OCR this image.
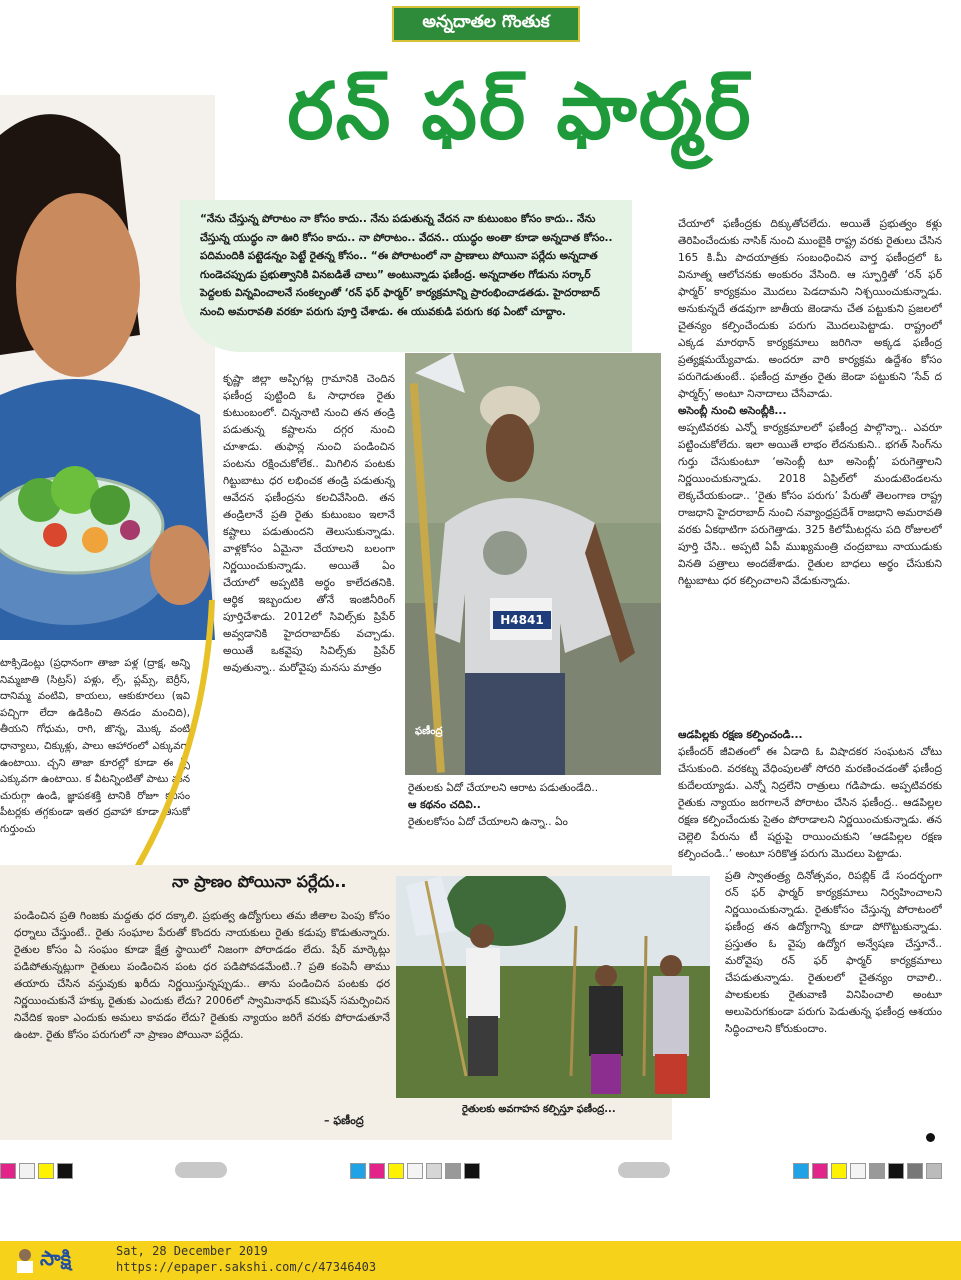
అన్నదాతల గొంతుక
రన్ ఫర్ ఫార్మర్
టాక్సిడెంట్లు (ప్రధానంగా తాజా పళ్ల (ద్రాక్ష, అన్ని నిమ్మజాతి (సిట్రస్) పళ్లు, ల్స్, ప్లమ్స్, బెర్రీస్, దానిమ్మ వంటివి, కాయలు, ఆకుకూరలు (ఇవి పచ్చిగా లేదా ఉడికించి తినడం మంచిది), తీయని గోధుమ, రాగి, జొన్న, మొక్క వంటి ధాన్యాలు, చిక్కుళ్లు, పాలు ఆహారంలో ఎక్కువగా ఉంటాయి. చ్చని తాజా కూరల్లో కూడా ఈ న్స్ ఎక్కువగా ఉంటాయి. క వీటన్నింటితో పాటు మన చురుగ్గా ఉండి, జ్ఞాపకశక్తి టానికి రోజూ కనీసం పీటర్లకు తగ్గకుండా ఇతర ద్రవాహా కూడా తీసుకో గుర్తుంచు
“నేను చేస్తున్న పోరాటం నా కోసం కాదు.. నేను పడుతున్న వేదన నా కుటుంబం కోసం కాదు.. నేను చేస్తున్న యుద్ధం నా ఊరి కోసం కాదు.. నా పోరాటం.. వేదన.. యుద్ధం అంతా కూడా అన్నదాత కోసం.. పదిమందికి పట్టెడన్నం పెట్టే రైతన్న కోసం.. “ఈ పోరాటంలో నా ప్రాణాలు పోయినా పర్లేదు అన్నదాత గుండెచప్పుడు ప్రభుత్వానికి వినబడితే చాలు” అంటున్నాడు ఫణీంద్ర. అన్నదాతల గోడును సర్కార్ పెద్దలకు విన్నవించాలనే సంకల్పంతో ‘రన్ ఫర్ ఫార్మర్’ కార్యక్రమాన్ని ప్రారంభించాడతడు. హైదరాబాద్ నుంచి అమరావతి వరకూ పరుగు పూర్తి చేశాడు. ఈ యువకుడి పరుగు కథ ఏంటో చూద్దాం.
H4841
ఫణీంద్ర

కృష్ణా జిల్లా అప్పిగట్ల గ్రామానికి చెందిన ఫణీంద్ర పుట్టింది ఓ సాధారణ రైతు కుటుంబంలో. చిన్ననాటి నుంచి తన తండ్రి పడుతున్న కష్టాలను దగ్గర నుంచి చూశాడు. తుఫాన్ల నుంచి పండించిన పంటను రక్షించుకోలేక.. మిగిలిన పంటకు గిట్టుబాటు ధర లభించక తండ్రి పడుతున్న ఆవేదన ఫణీంద్రను కలచివేసింది. తన తండ్రిలానే ప్రతి రైతు కుటుంబం ఇలానే కష్టాలు పడుతుందని తెలుసుకున్నాడు. వాళ్లకోసం ఏమైనా చేయాలని బలంగా నిర్ణయించుకున్నాడు. అయితే ఏం చేయాలో అప్పటికి అర్థం కాలేదతనికి. ఆర్థిక ఇబ్బందుల తోనే ఇంజినీరింగ్ పూర్తిచేశాడు. 2012లో సివిల్స్‌కు ప్రిపేర్ అవ్వడానికి హైదరాబాద్‌కు వచ్చాడు. అయితే ఒకవైపు సివిల్స్‌కు ప్రిపేర్ అవుతున్నా.. మరోవైపు మనసు మాత్రం

రైతులకు ఏదో చేయాలని ఆరాట పడుతుండేది..

ఆ కథనం చదివి..

రైతులకోసం ఏదో చేయాలని ఉన్నా.. ఏం

చేయాలో ఫణీంద్రకు దిక్కుతోచలేదు. అయితే ప్రభుత్వం కళ్లు తెరిపించేందుకు నాసిక్ నుంచి ముంబైకి రాష్ట్ర వరకు రైతులు చేసిన 165 కి.మీ పాదయాత్రకు సంబంధించిన వార్త ఫణీంద్రలో ఓ వినూత్న ఆలోచనకు అంకురం వేసింది. ఆ స్ఫూర్తితో ‘రన్ ఫర్ ఫార్మర్’ కార్యక్రమం మొదలు పెడదామని నిశ్చయించుకున్నాడు. అనుకున్నదే తడవుగా జాతీయ జెండాను చేత పట్టుకుని ప్రజలలో చైతన్యం కల్పించేందుకు పరుగు మొదలుపెట్టాడు. రాష్ట్రంలో ఎక్కడ మారథాన్ కార్యక్రమాలు జరిగినా అక్కడ ఫణీంద్ర ప్రత్యక్షమయ్యేవాడు. అందరూ వారి కార్యక్రమ ఉద్దేశం కోసం పరుగెడుతుంటే.. ఫణీంద్ర మాత్రం రైతు జెండా పట్టుకుని ‘సేవ్ ద ఫార్మర్స్’ అంటూ నినాదాలు చేసేవాడు.

అసెంబ్లీ నుంచి అసెంబ్లీకి...

అప్పటివరకు ఎన్నో కార్యక్రమాలలో ఫణీంద్ర పాల్గొన్నా.. ఎవరూ పట్టించుకోలేదు. ఇలా అయితే లాభం లేదనుకుని.. భగత్ సింగ్‌ను గుర్తు చేసుకుంటూ ‘అసెంబ్లీ టూ అసెంబ్లీ’ పరుగెత్తాలని నిర్ణయించుకున్నాడు. 2018 ఏప్రిల్‌లో మండుటెండలను లెక్కచేయకుండా.. ‘రైతు కోసం పరుగు’ పేరుతో తెలంగాణ రాష్ట్ర రాజధాని హైదరాబాద్ నుంచి నవ్యాంధ్రప్రదేశ్ రాజధాని అమరావతి వరకు ఏకథాటిగా పరుగెత్తాడు. 325 కిలోమీటర్లను పది రోజులలో పూర్తి చేసి.. అప్పటి ఏపీ ముఖ్యమంత్రి చంద్రబాబు నాయుడుకు వినతి పత్రాలు అందజేశాడు. రైతుల బాధలు అర్థం చేసుకుని గిట్టుబాటు ధర కల్పించాలని వేడుకున్నాడు.

ఆడపిల్లకు రక్షణ కల్పించండి...

ఫణీందర్ జీవితంలో ఈ ఏడాది ఓ విషాదకర సంఘటన చోటు చేసుకుంది. వరకట్న వేధింపులతో సోదరి మరణించడంతో ఫణీంద్ర కుదేలయ్యాడు. ఎన్నో నిద్రలేని రాత్రులు గడిపాడు. అప్పటివరకు రైతుకు న్యాయం జరగాలనే పోరాటం చేసిన ఫణీంద్ర.. ఆడపిల్లల రక్షణ కల్పించేందుకు సైతం పోరాడాలని నిర్ణయించుకున్నాడు. తన చెల్లెలి పేరును టీ షర్టుపై రాయించుకుని ‘ఆడపిల్లల రక్షణ కల్పించండి..’ అంటూ సరికొత్త పరుగు మొదలు పెట్టాడు.

ప్రతి స్వాతంత్ర్య దినోత్సవం, రిపబ్లిక్ డే సందర్భంగా రన్ ఫర్ ఫార్మర్ కార్యక్రమాలు నిర్వహించాలని నిర్ణయించుకున్నాడు. రైతుకోసం చేస్తున్న పోరాటంలో ఫణీంద్ర తన ఉద్యోగాన్ని కూడా పోగొట్టుకున్నాడు. ప్రస్తుతం ఓ వైపు ఉద్యోగ అన్వేషణ చేస్తూనే.. మరోవైపు రన్ ఫర్ ఫార్మర్ కార్యక్రమాలు చేపడుతున్నాడు. రైతులలో చైతన్యం రావాలి.. పాలకులకు రైతువాణి వినిపించాలి అంటూ అలుపెరుగకుండా పరుగు పెడుతున్న ఫణీంద్ర ఆశయం సిద్ధించాలని కోరుకుందాం.

నా ప్రాణం పోయినా పర్లేదు..
పండించిన ప్రతి గింజకు మద్దతు ధర దక్కాలి. ప్రభుత్వ ఉద్యోగులు తమ జీతాల పెంపు కోసం ధర్నాలు చేస్తుంటే.. రైతు సంఘాల పేరుతో కొందరు నాయకులు రైతు కడుపు కొడుతున్నారు. రైతుల కోసం ఏ సంఘం కూడా క్షేత్ర స్థాయిలో నిజంగా పోరాడడం లేదు. షేర్ మార్కెట్లు పడిపోతున్నట్లుగా రైతులు పండించిన పంట ధర పడిపోవడమేంటి..? ప్రతి కంపెనీ తాము తయారు చేసిన వస్తువుకు ఖరీదు నిర్ణయిస్తున్నప్పుడు.. తాను పండించిన పంటకు ధర నిర్ణయించుకునే హక్కు రైతుకు ఎందుకు లేదు? 2006లో స్వామినాథన్ కమిషన్ సమర్పించిన నివేదిక ఇంకా ఎందుకు అమలు కావడం లేదు? రైతుకు న్యాయం జరిగే వరకు పోరాడుతూనే ఉంటా. రైతు కోసం పరుగులో నా ప్రాణం పోయినా పర్లేదు.
– ఫణీంద్ర
రైతులకు అవగాహన కల్పిస్తూ ఫణీంద్ర...
సాక్షి	Sat, 28 December 2019
https://epaper.sakshi.com/c/47346403
